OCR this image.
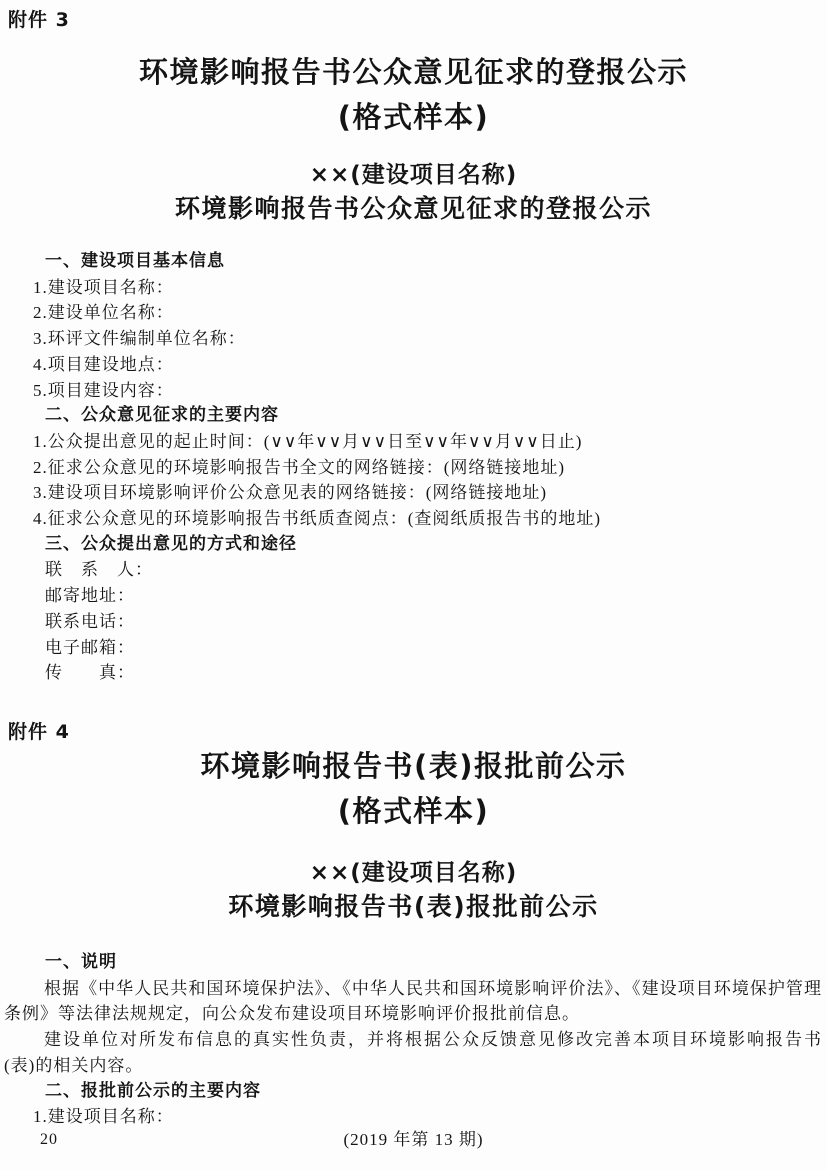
附件 3
环境影响报告书公众意见征求的登报公示
(格式样本)
××(建设项目名称)
环境影响报告书公众意见征求的登报公示
一、建设项目基本信息
1.建设项目名称：
2.建设单位名称：
3.环评文件编制单位名称：
4.项目建设地点：
5.项目建设内容：
二、公众意见征求的主要内容
1.公众提出意见的起止时间：(∨∨年∨∨月∨∨日至∨∨年∨∨月∨∨日止)
2.征求公众意见的环境影响报告书全文的网络链接：(网络链接地址)
3.建设项目环境影响评价公众意见表的网络链接：(网络链接地址)
4.征求公众意见的环境影响报告书纸质查阅点：(查阅纸质报告书的地址)
三、公众提出意见的方式和途径
联　系　人：
邮寄地址：
联系电话：
电子邮箱：
传　　真：
附件 4
环境影响报告书(表)报批前公示
(格式样本)
××(建设项目名称)
环境影响报告书(表)报批前公示
一、说明
根据《中华人民共和国环境保护法》、《中华人民共和国环境影响评价法》、《建设项目环境保护管理
条例》等法律法规规定，向公众发布建设项目环境影响评价报批前信息。
建设单位对所发布信息的真实性负责，并将根据公众反馈意见修改完善本项目环境影响报告书
(表)的相关内容。
二、报批前公示的主要内容
1.建设项目名称：
20	(2019 年第 13 期)
